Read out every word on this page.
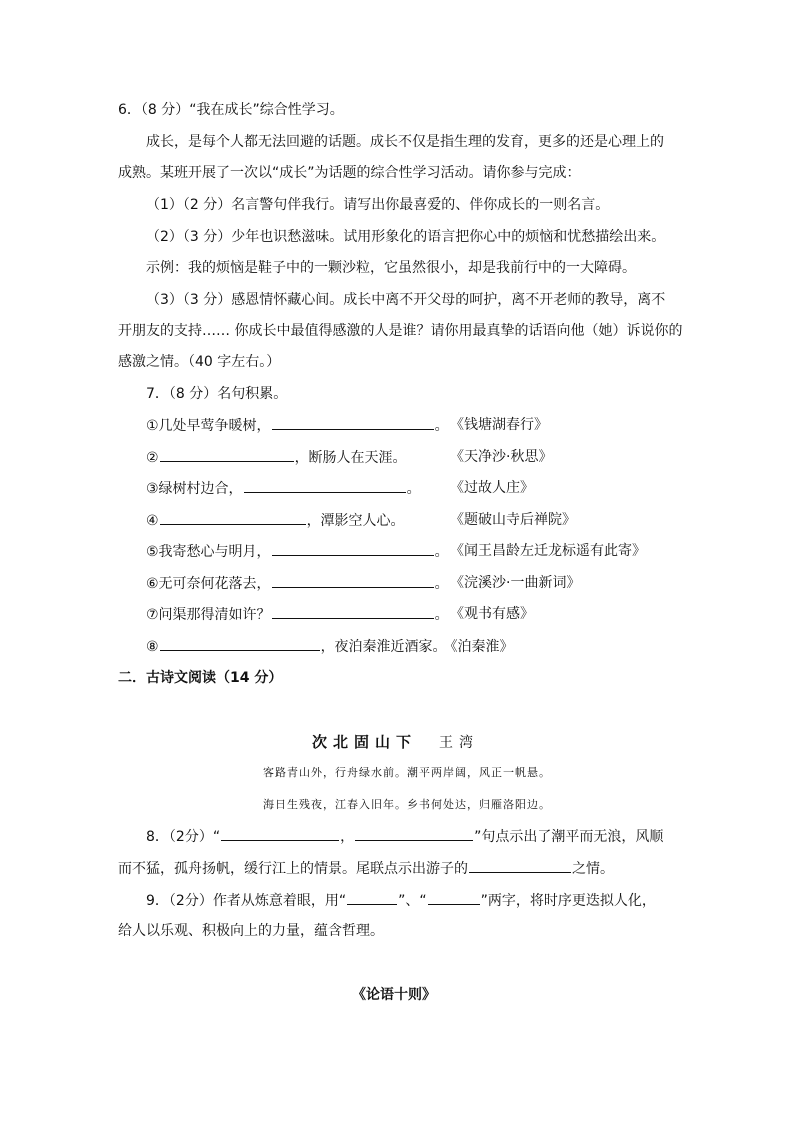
6．（8 分）“我在成长”综合性学习。
成长，是每个人都无法回避的话题。成长不仅是指生理的发育，更多的还是心理上的
成熟。某班开展了一次以“成长”为话题的综合性学习活动。请你参与完成：
（1）（2 分）名言警句伴我行。请写出你最喜爱的、伴你成长的一则名言。
（2）（3 分）少年也识愁滋味。试用形象化的语言把你心中的烦恼和忧愁描绘出来。
示例：我的烦恼是鞋子中的一颗沙粒，它虽然很小，却是我前行中的一大障碍。
（3）（3 分）感恩情怀藏心间。成长中离不开父母的呵护，离不开老师的教导，离不
开朋友的支持…… 你成长中最值得感激的人是谁？请你用最真挚的话语向他（她）诉说你的
感激之情。（40 字左右。）
7．（8 分）名句积累。
①几处早莺争暖树，	。 《钱塘湖春行》
②	，断肠人在天涯。	《天净沙·秋思》
③绿树村边合，	。 《过故人庄》
④	，潭影空人心。	《题破山寺后禅院》
⑤我寄愁心与明月，	。 《闻王昌龄左迁龙标遥有此寄》
⑥无可奈何花落去，	。 《浣溪沙·一曲新词》
⑦问渠那得清如许？	。 《观书有感》
⑧	，夜泊秦淮近酒家。 《泊秦淮》
二．古诗文阅读（14 分）
次北固山下 王湾
客路青山外，行舟绿水前。潮平两岸阔，风正一帆悬。
海日生残夜，江春入旧年。乡书何处达，归雁洛阳边。
8．（2分）“	，	”句点示出了潮平而无浪，风顺
而不猛，孤舟扬帆，缓行江上的情景。尾联点示出游子的	之情。
9．（2分）作者从炼意着眼，用“	”、“	”两字，将时序更迭拟人化，
给人以乐观、积极向上的力量，蕴含哲理。
《论语十则》
